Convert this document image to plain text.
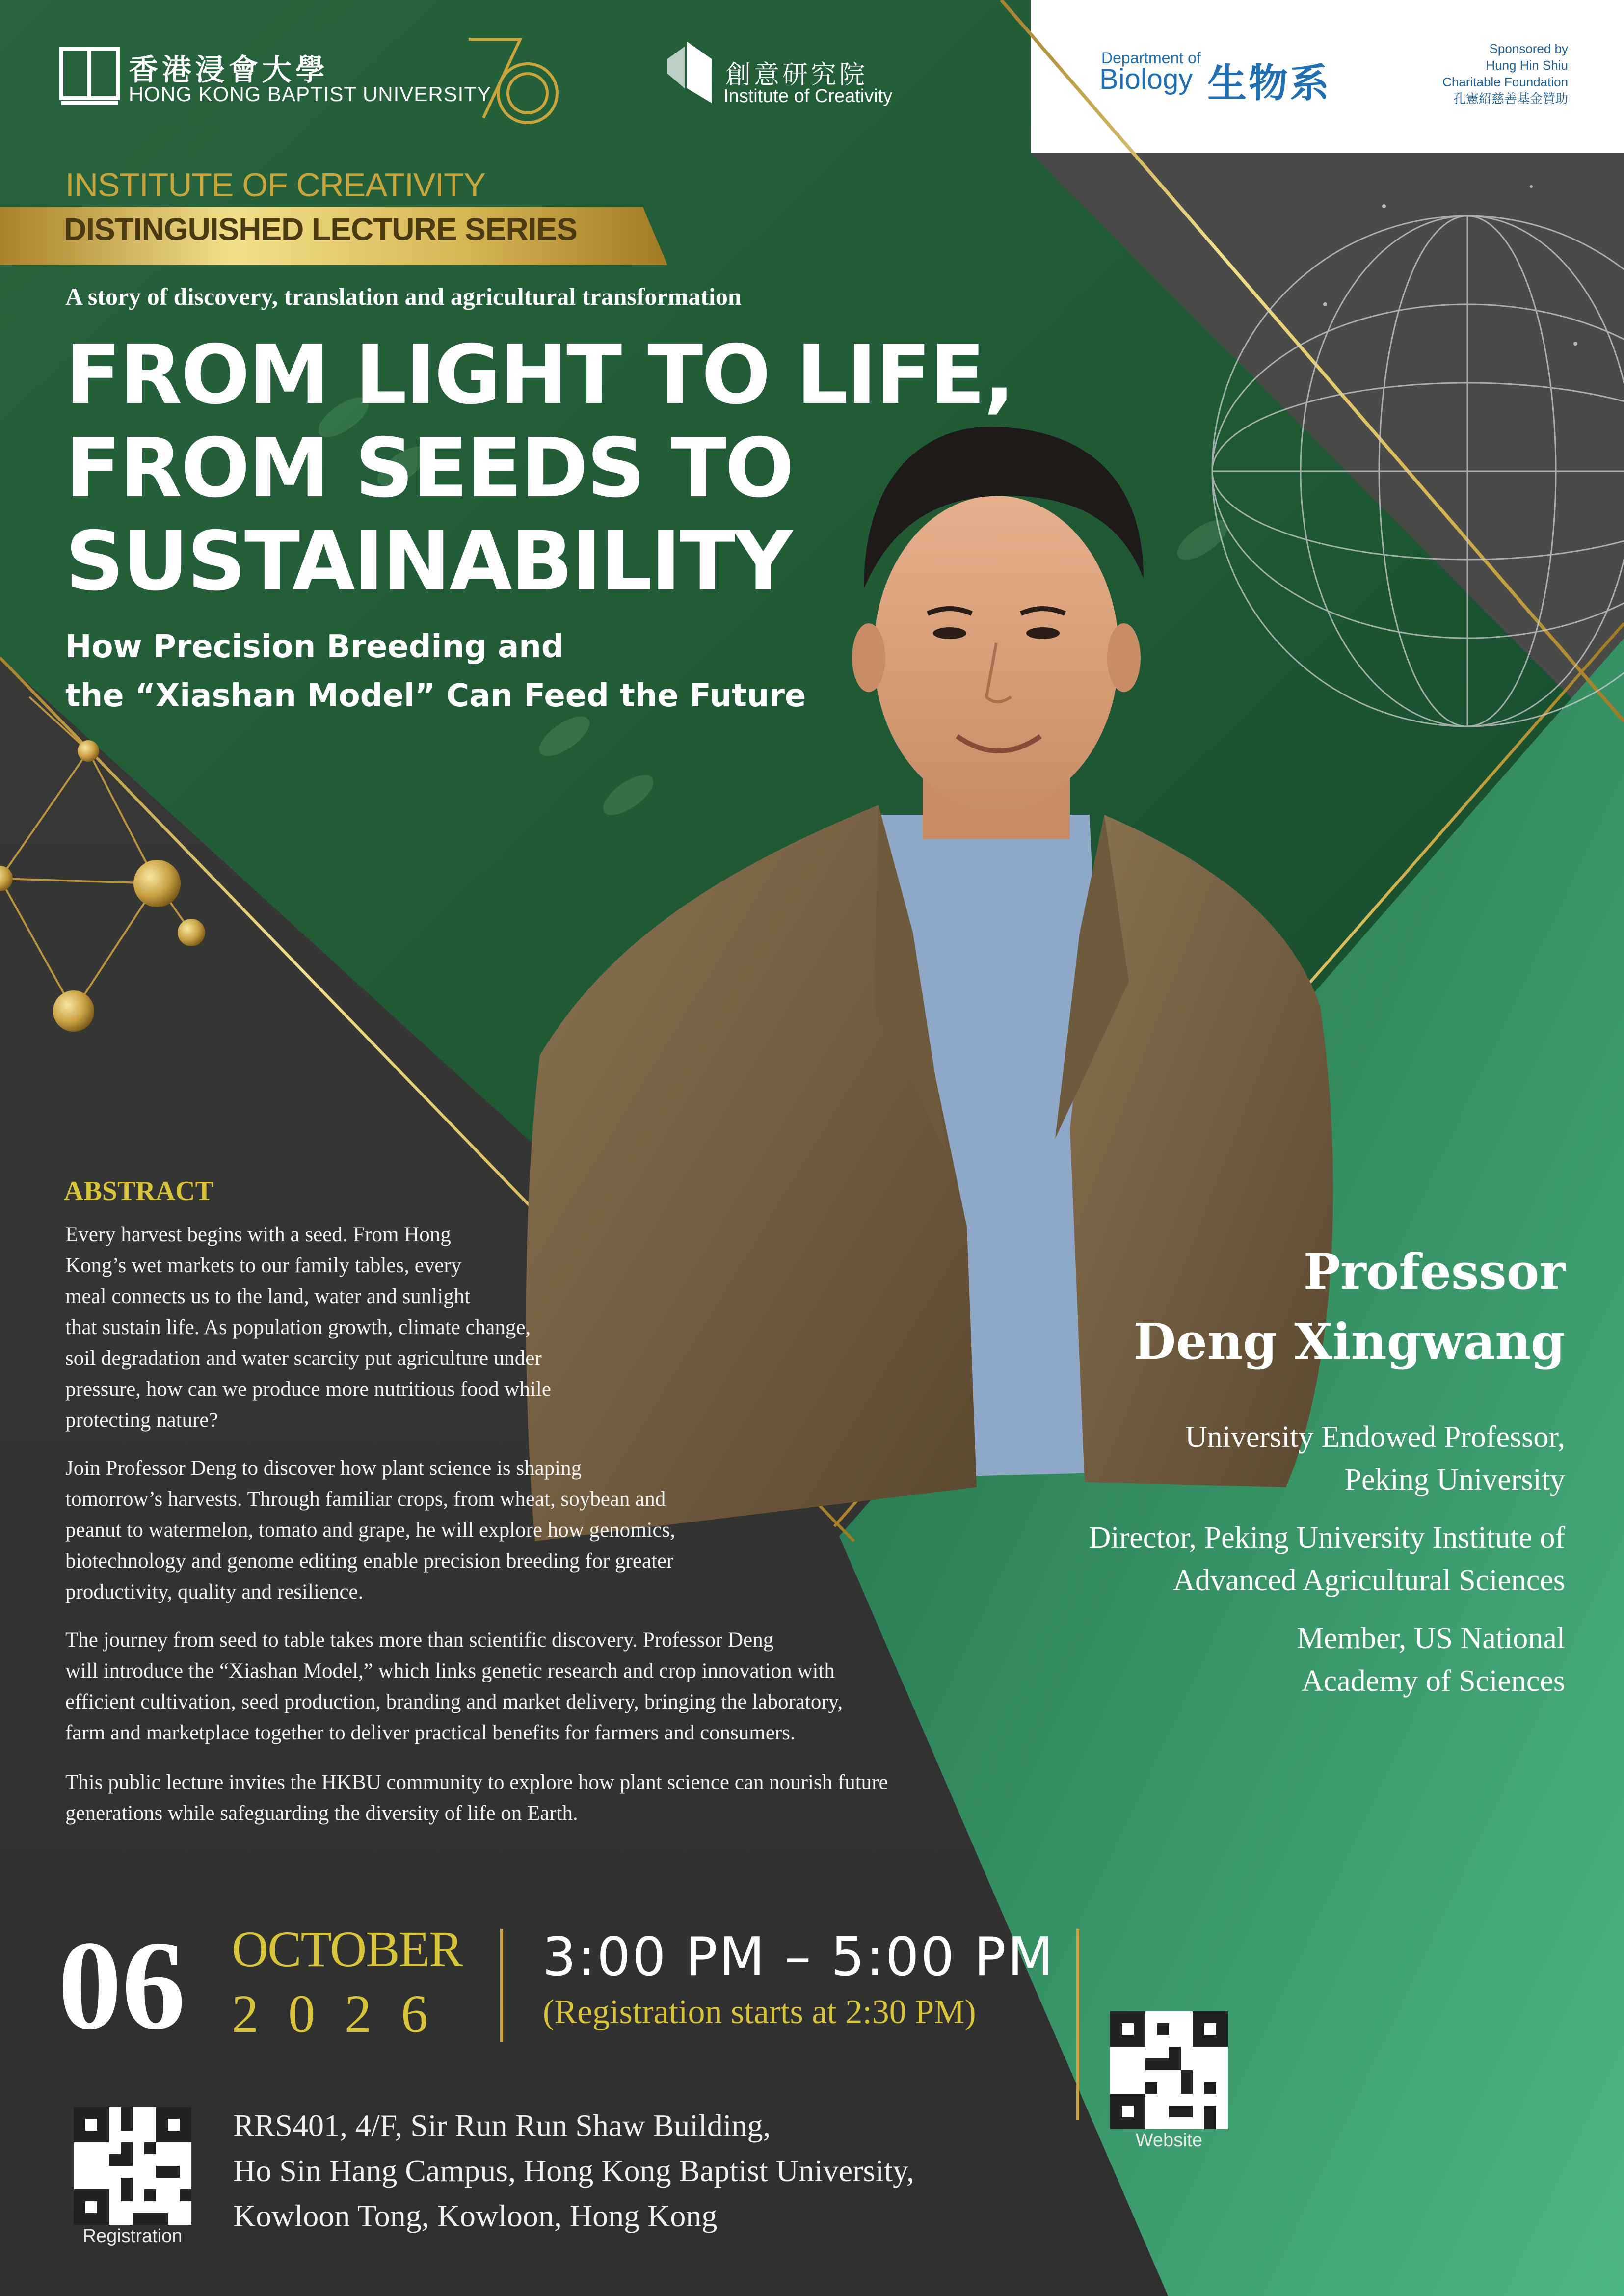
Website
Registration
香港浸會大學
HONG KONG BAPTIST UNIVERSITY
創意研究院
Institute of Creativity
Department of
Biology 生物系
Sponsored by
Hung Hin Shiu
Charitable Foundation
孔憲紹慈善基金贊助
INSTITUTE OF CREATIVITY
DISTINGUISHED LECTURE SERIES
A story of discovery, translation and agricultural transformation
FROM LIGHT TO LIFE,
FROM SEEDS TO
SUSTAINABILITY
How Precision Breeding and
the “Xiashan Model” Can Feed the Future
ABSTRACT
Every harvest begins with a seed. From Hong
Kong’s wet markets to our family tables, every
meal connects us to the land, water and sunlight
that sustain life. As population growth, climate change,
soil degradation and water scarcity put agriculture under
pressure, how can we produce more nutritious food while
protecting nature?
Join Professor Deng to discover how plant science is shaping
tomorrow’s harvests. Through familiar crops, from wheat, soybean and
peanut to watermelon, tomato and grape, he will explore how genomics,
biotechnology and genome editing enable precision breeding for greater
productivity, quality and resilience.
The journey from seed to table takes more than scientific discovery. Professor Deng
will introduce the “Xiashan Model,” which links genetic research and crop innovation with
efficient cultivation, seed production, branding and market delivery, bringing the laboratory,
farm and marketplace together to deliver practical benefits for farmers and consumers.
This public lecture invites the HKBU community to explore how plant science can nourish future
generations while safeguarding the diversity of life on Earth.
Professor
Deng Xingwang
University Endowed Professor,
Peking University
Director, Peking University Institute of
Advanced Agricultural Sciences
Member, US National
Academy of Sciences
06 OCTOBER
2026
3:00 PM – 5:00 PM
(Registration starts at 2:30 PM)
RRS401, 4/F, Sir Run Run Shaw Building,
Ho Sin Hang Campus, Hong Kong Baptist University,
Kowloon Tong, Kowloon, Hong Kong
